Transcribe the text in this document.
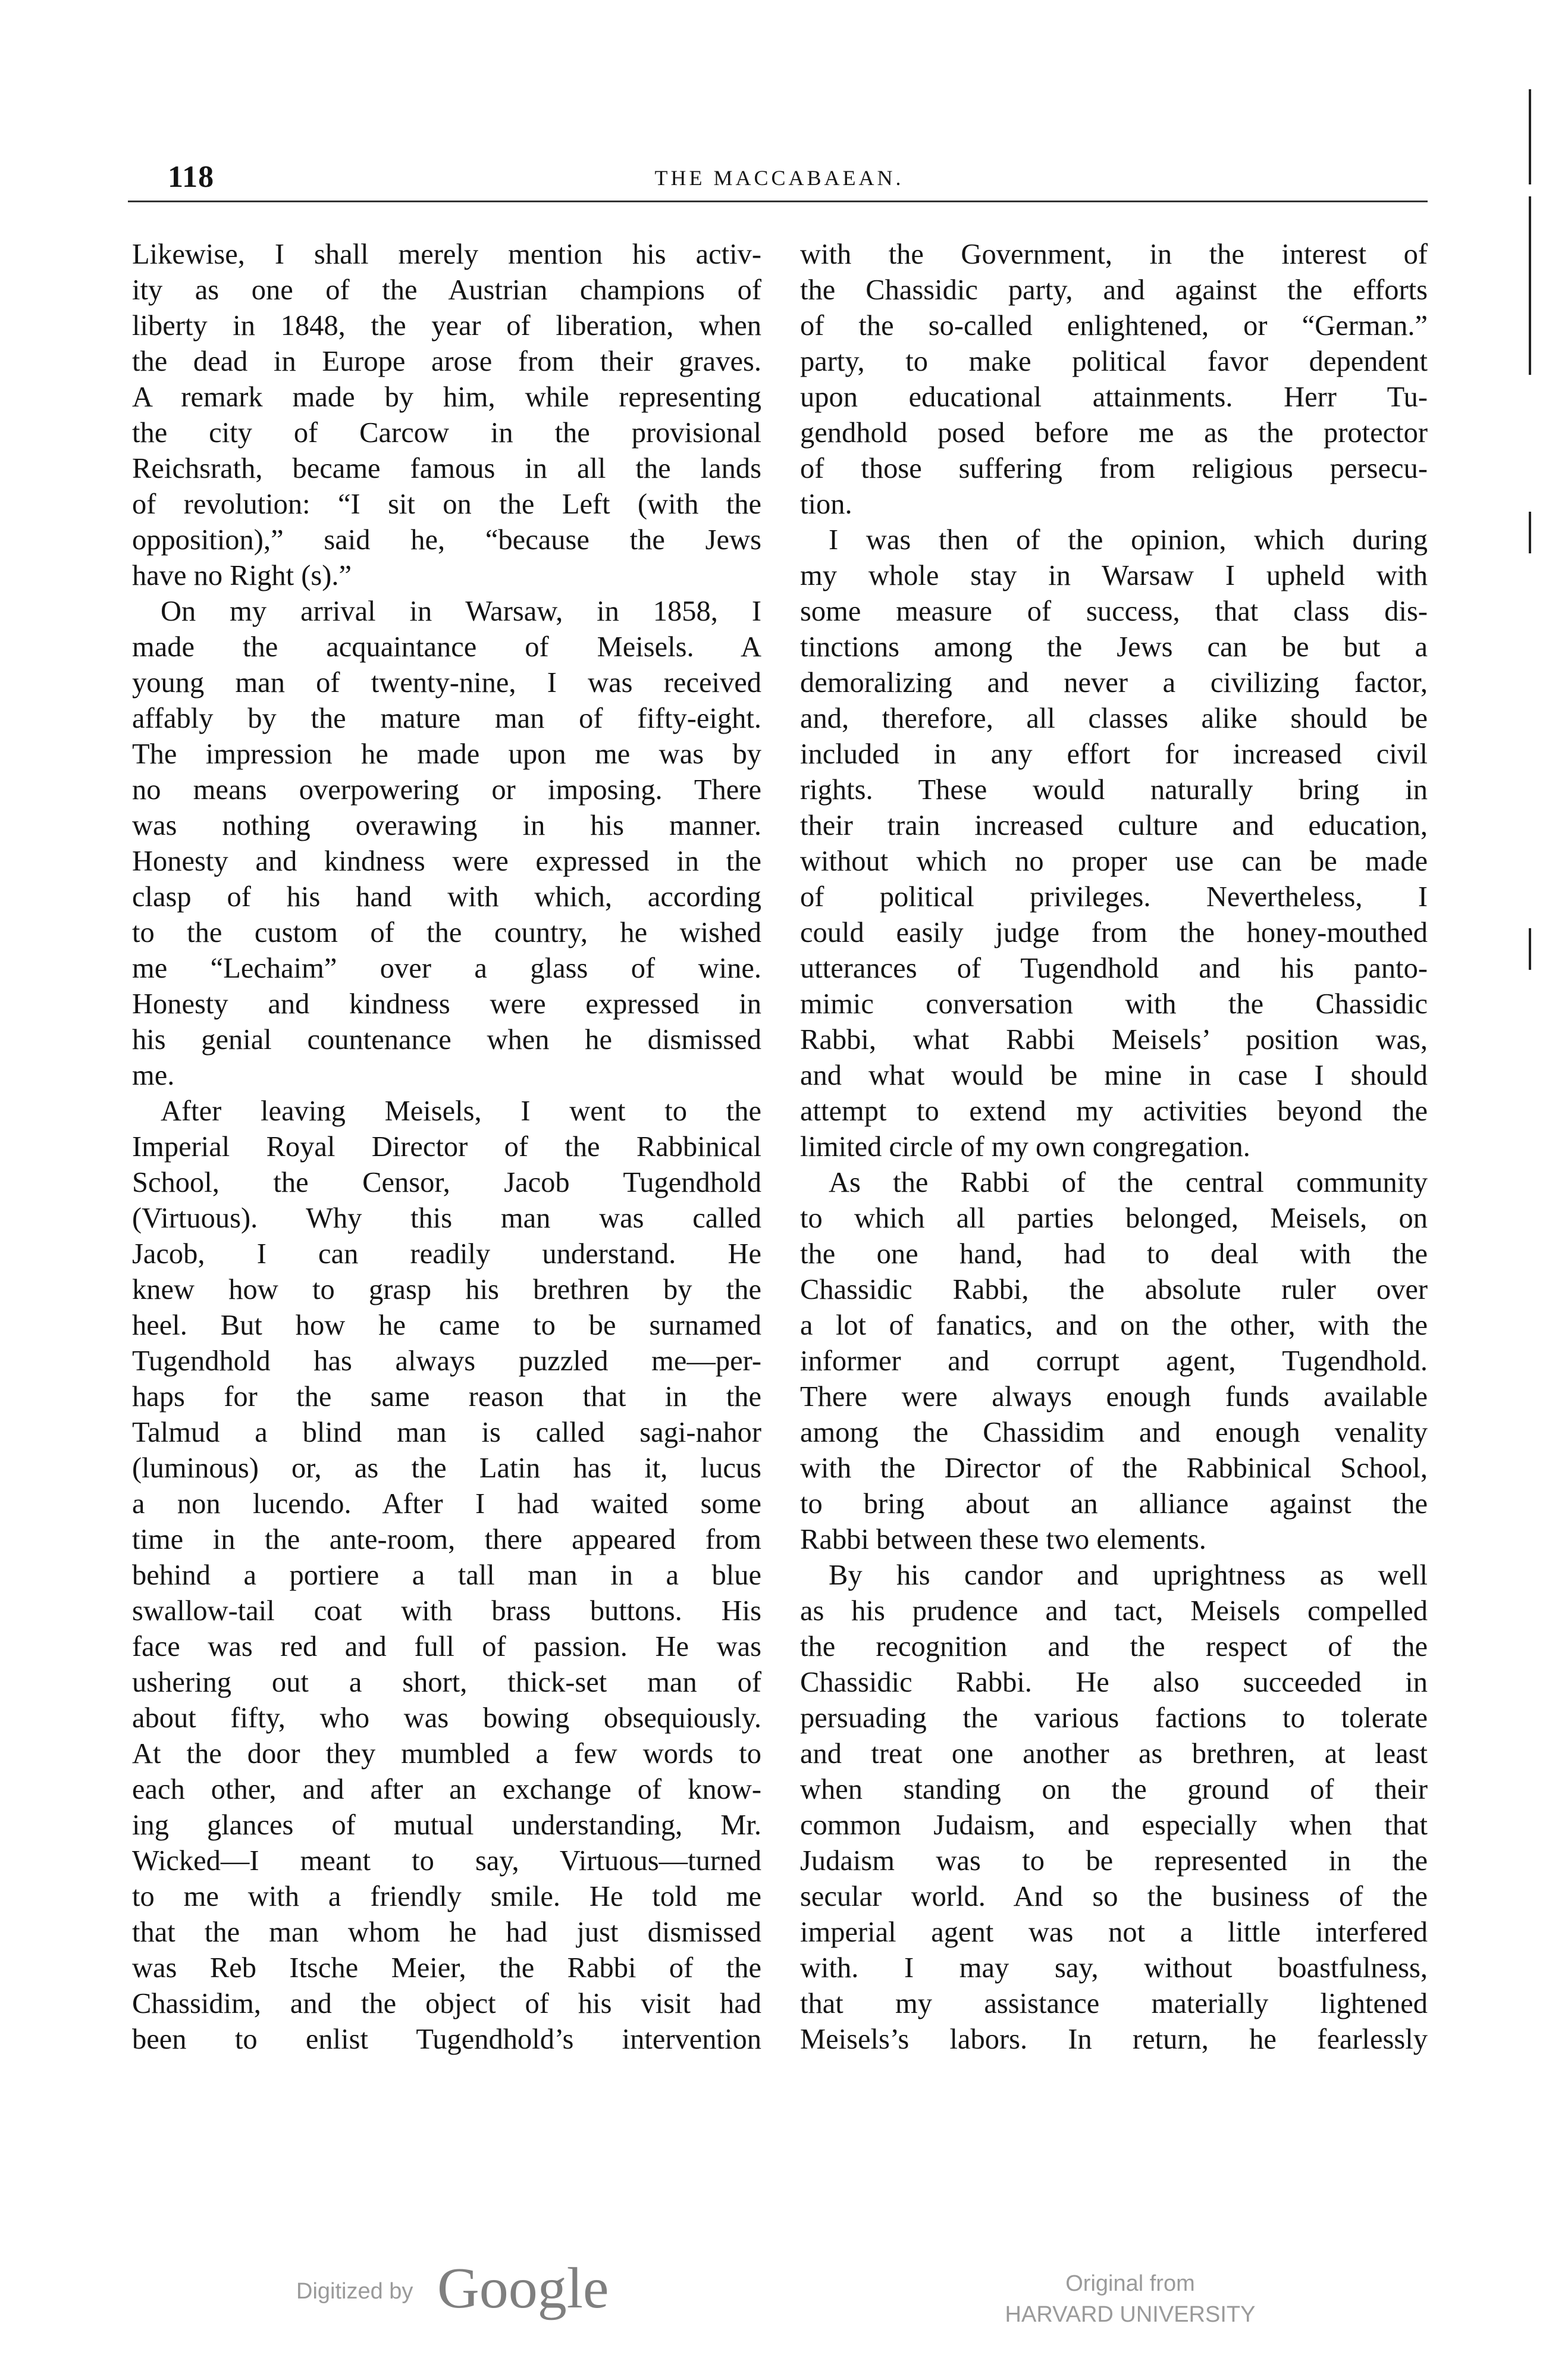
118	THE MACCABAEAN.
Likewise, I shall merely mention his activ-
ity as one of the Austrian champions of
liberty in 1848, the year of liberation, when
the dead in Europe arose from their graves.
A remark made by him, while representing
the city of Carcow in the provisional
Reichsrath, became famous in all the lands
of revolution: “I sit on the Left (with the
opposition),” said he, “because the Jews
have no Right (s).”
On my arrival in Warsaw, in 1858, I
made the acquaintance of Meisels. A
young man of twenty-nine, I was received
affably by the mature man of fifty-eight.
The impression he made upon me was by
no means overpowering or imposing. There
was nothing overawing in his manner.
Honesty and kindness were expressed in the
clasp of his hand with which, according
to the custom of the country, he wished
me “Lechaim” over a glass of wine.
Honesty and kindness were expressed in
his genial countenance when he dismissed
me.
After leaving Meisels, I went to the
Imperial Royal Director of the Rabbinical
School, the Censor, Jacob Tugendhold
(Virtuous). Why this man was called
Jacob, I can readily understand. He
knew how to grasp his brethren by the
heel. But how he came to be surnamed
Tugendhold has always puzzled me—per-
haps for the same reason that in the
Talmud a blind man is called sagi-nahor
(luminous) or, as the Latin has it, lucus
a non lucendo. After I had waited some
time in the ante-room, there appeared from
behind a portiere a tall man in a blue
swallow-tail coat with brass buttons. His
face was red and full of passion. He was
ushering out a short, thick-set man of
about fifty, who was bowing obsequiously.
At the door they mumbled a few words to
each other, and after an exchange of know-
ing glances of mutual understanding, Mr.
Wicked—I meant to say, Virtuous—turned
to me with a friendly smile. He told me
that the man whom he had just dismissed
was Reb Itsche Meier, the Rabbi of the
Chassidim, and the object of his visit had
been to enlist Tugendhold’s intervention
with the Government, in the interest of
the Chassidic party, and against the efforts
of the so-called enlightened, or “German.”
party, to make political favor dependent
upon educational attainments. Herr Tu-
gendhold posed before me as the protector
of those suffering from religious persecu-
tion.
I was then of the opinion, which during
my whole stay in Warsaw I upheld with
some measure of success, that class dis-
tinctions among the Jews can be but a
demoralizing and never a civilizing factor,
and, therefore, all classes alike should be
included in any effort for increased civil
rights. These would naturally bring in
their train increased culture and education,
without which no proper use can be made
of political privileges. Nevertheless, I
could easily judge from the honey-mouthed
utterances of Tugendhold and his panto-
mimic conversation with the Chassidic
Rabbi, what Rabbi Meisels’ position was,
and what would be mine in case I should
attempt to extend my activities beyond the
limited circle of my own congregation.
As the Rabbi of the central community
to which all parties belonged, Meisels, on
the one hand, had to deal with the
Chassidic Rabbi, the absolute ruler over
a lot of fanatics, and on the other, with the
informer and corrupt agent, Tugendhold.
There were always enough funds available
among the Chassidim and enough venality
with the Director of the Rabbinical School,
to bring about an alliance against the
Rabbi between these two elements.
By his candor and uprightness as well
as his prudence and tact, Meisels compelled
the recognition and the respect of the
Chassidic Rabbi. He also succeeded in
persuading the various factions to tolerate
and treat one another as brethren, at least
when standing on the ground of their
common Judaism, and especially when that
Judaism was to be represented in the
secular world. And so the business of the
imperial agent was not a little interfered
with. I may say, without boastfulness,
that my assistance materially lightened
Meisels’s labors. In return, he fearlessly
Digitized by Google	Original from
HARVARD UNIVERSITY
